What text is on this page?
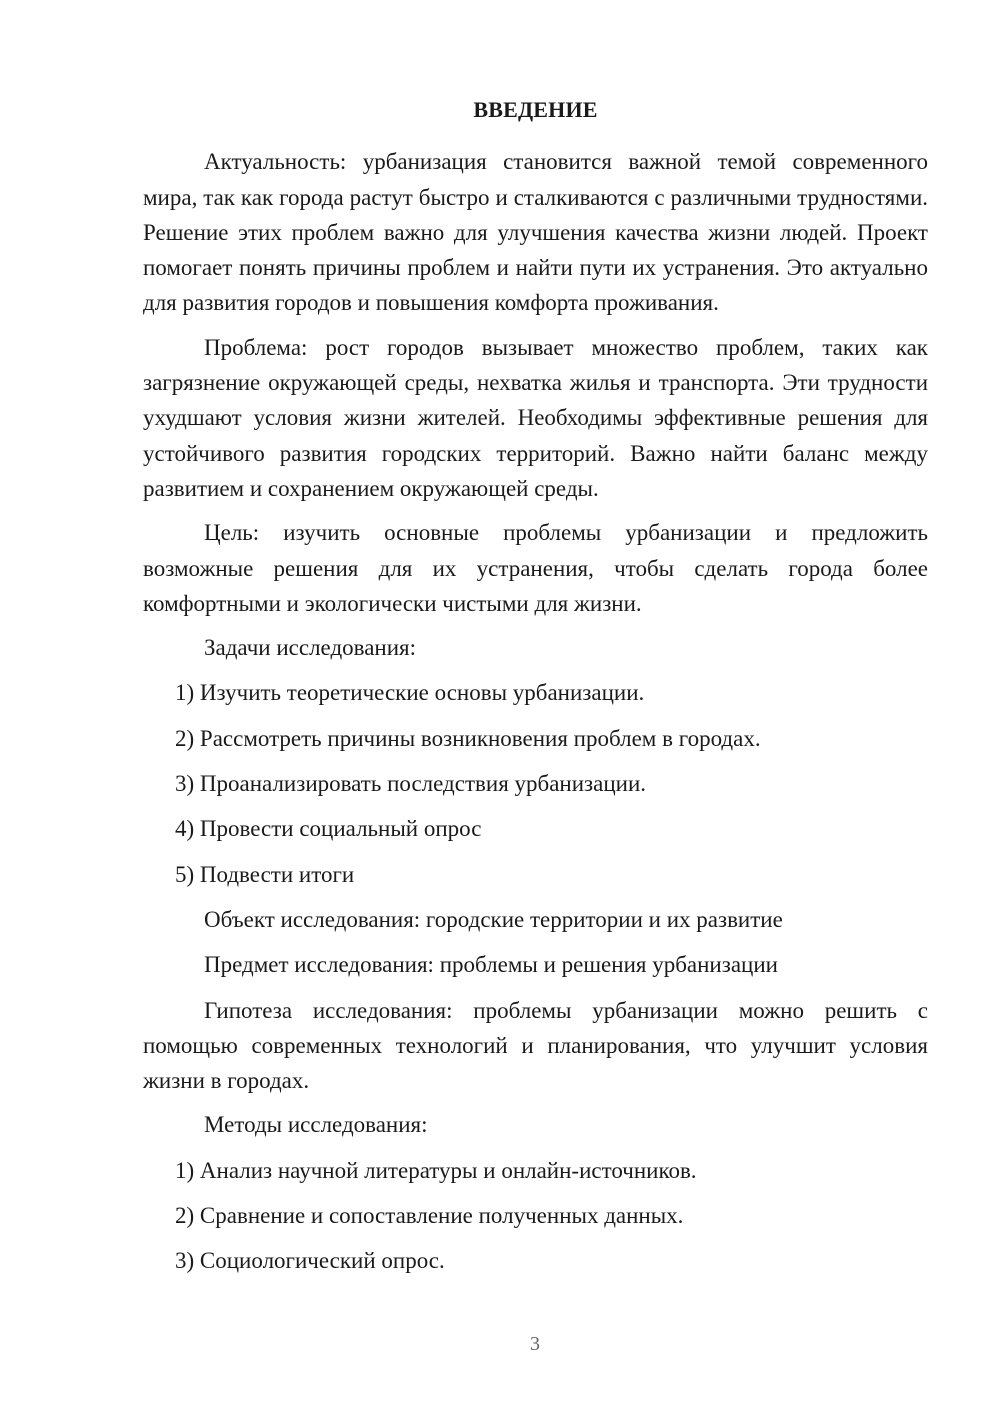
ВВЕДЕНИЕ

Актуальность: урбанизация становится важной темой современного мира, так как города растут быстро и сталкиваются с различными трудностями. Решение этих проблем важно для улучшения качества жизни людей. Проект помогает понять причины проблем и найти пути их устранения. Это актуально для развития городов и повышения комфорта проживания.

Проблема: рост городов вызывает множество проблем, таких как загрязнение окружающей среды, нехватка жилья и транспорта. Эти трудности ухудшают условия жизни жителей. Необходимы эффективные решения для устойчивого развития городских территорий. Важно найти баланс между развитием и сохранением окружающей среды.

Цель: изучить основные проблемы урбанизации и предложить возможные решения для их устранения, чтобы сделать города более комфортными и экологически чистыми для жизни.

Задачи исследования:

1) Изучить теоретические основы урбанизации.

2) Рассмотреть причины возникновения проблем в городах.

3) Проанализировать последствия урбанизации.

4) Провести социальный опрос

5) Подвести итоги

Объект исследования: городские территории и их развитие

Предмет исследования: проблемы и решения урбанизации

Гипотеза исследования: проблемы урбанизации можно решить с помощью современных технологий и планирования, что улучшит условия жизни в городах.

Методы исследования:

1) Анализ научной литературы и онлайн-источников.

2) Сравнение и сопоставление полученных данных.

3) Социологический опрос.

3
